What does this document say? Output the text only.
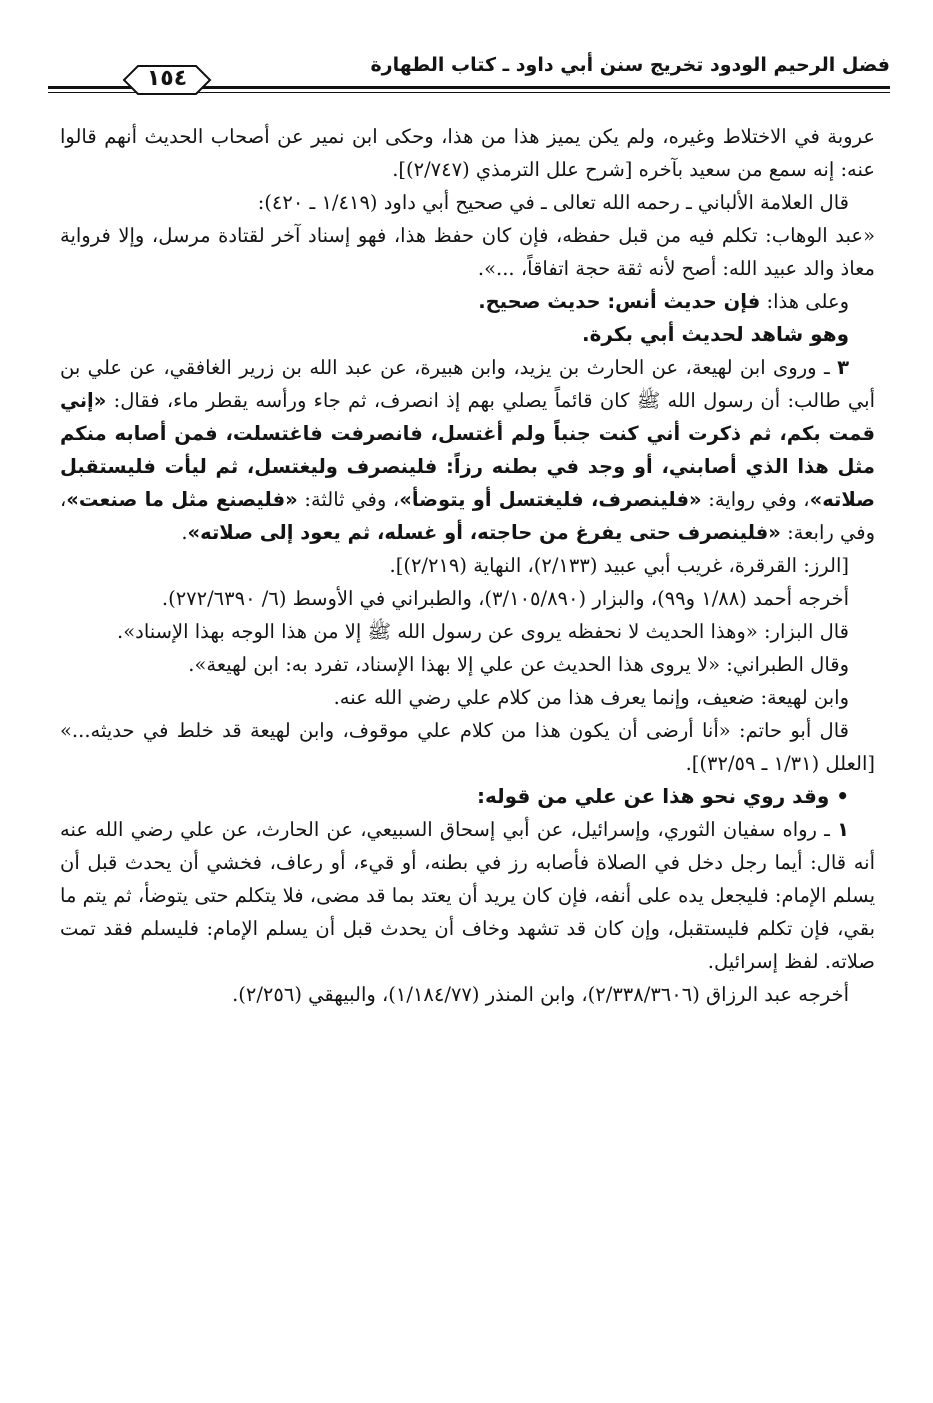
فضل الرحيم الودود تخريج سنن أبي داود ـ كتاب الطهارة
١٥٤

عروبة في الاختلاط وغيره، ولم يكن يميز هذا من هذا، وحكى ابن نمير عن أصحاب الحديث أنهم قالوا عنه: إنه سمع من سعيد بآخره [شرح علل الترمذي (٢/٧٤٧)].

قال العلامة الألباني ـ رحمه الله تعالى ـ في صحيح أبي داود (١/٤١٩ ـ ٤٢٠):

«عبد الوهاب: تكلم فيه من قبل حفظه، فإن كان حفظ هذا، فهو إسناد آخر لقتادة مرسل، وإلا فرواية معاذ والد عبيد الله: أصح لأنه ثقة حجة اتفاقاً، ...».

وعلى هذا: فإن حديث أنس: حديث صحيح.

وهو شاهد لحديث أبي بكرة.

٣ ـ وروى ابن لهيعة، عن الحارث بن يزيد، وابن هبيرة، عن عبد الله بن زرير الغافقي، عن علي بن أبي طالب: أن رسول الله ﷺ كان قائماً يصلي بهم إذ انصرف، ثم جاء ورأسه يقطر ماء، فقال: «إني قمت بكم، ثم ذكرت أني كنت جنباً ولم أغتسل، فانصرفت فاغتسلت، فمن أصابه منكم مثل هذا الذي أصابني، أو وجد في بطنه رزاً: فلينصرف وليغتسل، ثم ليأت فليستقبل صلاته»، وفي رواية: «فلينصرف، فليغتسل أو يتوضأ»، وفي ثالثة: «فليصنع مثل ما صنعت»، وفي رابعة: «فلينصرف حتى يفرغ من حاجته، أو غسله، ثم يعود إلى صلاته».

[الرز: القرقرة، غريب أبي عبيد (٢/١٣٣)، النهاية (٢/٢١٩)].

أخرجه أحمد (١/٨٨ و٩٩)، والبزار (٣/١٠٥/٨٩٠)، والطبراني في الأوسط (٦/ ٢٧٢/٦٣٩٠).

قال البزار: «وهذا الحديث لا نحفظه يروى عن رسول الله ﷺ إلا من هذا الوجه بهذا الإسناد».

وقال الطبراني: «لا يروى هذا الحديث عن علي إلا بهذا الإسناد، تفرد به: ابن لهيعة».

وابن لهيعة: ضعيف، وإنما يعرف هذا من كلام علي رضي الله عنه.

قال أبو حاتم: «أنا أرضى أن يكون هذا من كلام علي موقوف، وابن لهيعة قد خلط في حديثه...» [العلل (١/٣١ ـ ٣٢/٥٩)].

• وقد روي نحو هذا عن علي من قوله:

١ ـ رواه سفيان الثوري، وإسرائيل، عن أبي إسحاق السبيعي، عن الحارث، عن علي رضي الله عنه أنه قال: أيما رجل دخل في الصلاة فأصابه رز في بطنه، أو قيء، أو رعاف، فخشي أن يحدث قبل أن يسلم الإمام: فليجعل يده على أنفه، فإن كان يريد أن يعتد بما قد مضى، فلا يتكلم حتى يتوضأ، ثم يتم ما بقي، فإن تكلم فليستقبل، وإن كان قد تشهد وخاف أن يحدث قبل أن يسلم الإمام: فليسلم فقد تمت صلاته. لفظ إسرائيل.

أخرجه عبد الرزاق (٢/٣٣٨/٣٦٠٦)، وابن المنذر (١/١٨٤/٧٧)، والبيهقي (٢/٢٥٦).
